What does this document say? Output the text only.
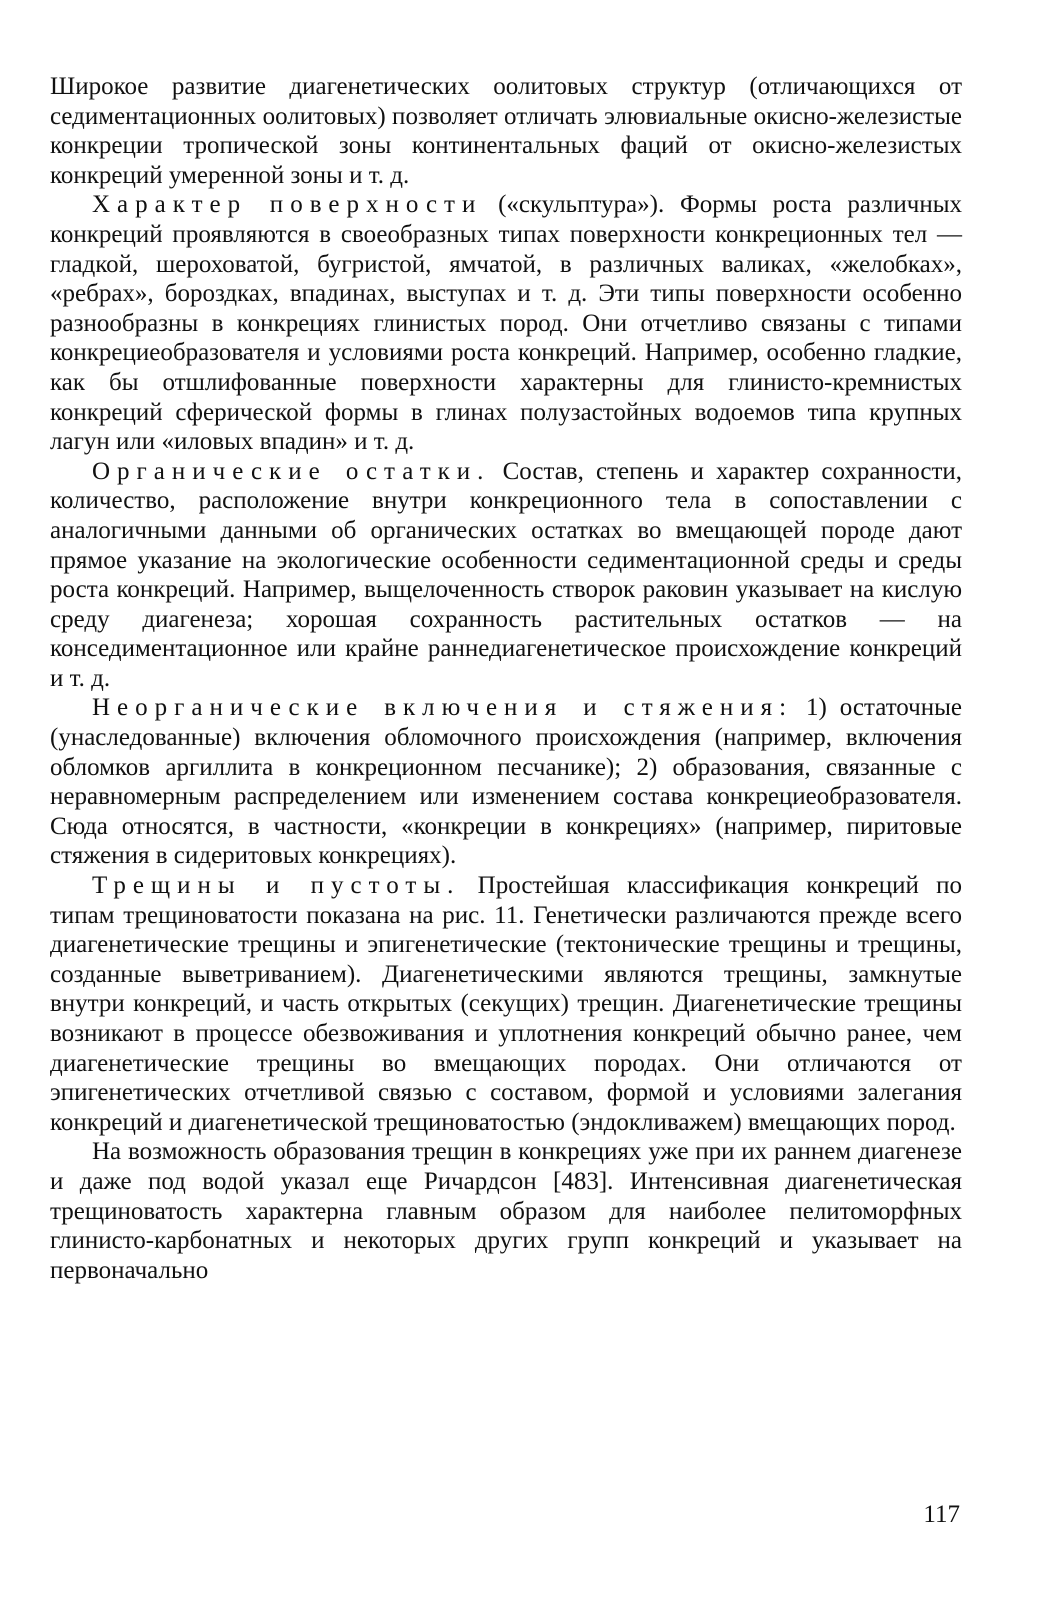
Широкое развитие диагенетических оолитовых структур (отличающихся от седиментационных оолитовых) позволяет отличать элювиальные окисно-железистые конкреции тропической зоны континентальных фаций от окисно-железистых конкреций умеренной зоны и т. д.

Характер поверхности («скульптура»). Формы роста различных конкреций проявляются в своеобразных типах поверхности конкреционных тел — гладкой, шероховатой, бугристой, ямчатой, в различных валиках, «желобках», «ребрах», бороздках, впадинах, выступах и т. д. Эти типы поверхности особенно разнообразны в конкрециях глинистых пород. Они отчетливо связаны с типами конкрециеобразователя и условиями роста конкреций. Например, особенно гладкие, как бы отшлифованные поверхности характерны для глинисто-кремнистых конкреций сферической формы в глинах полузастойных водоемов типа крупных лагун или «иловых впадин» и т. д.

Органические остатки. Состав, степень и характер сохранности, количество, расположение внутри конкреционного тела в сопоставлении с аналогичными данными об органических остатках во вмещающей породе дают прямое указание на экологические особенности седиментационной среды и среды роста конкреций. Например, выщелоченность створок раковин указывает на кислую среду диагенеза; хорошая сохранность растительных остатков — на конседиментационное или крайне раннедиагенетическое происхождение конкреций и т. д.

Неорганические включения и стяжения: 1) остаточные (унаследованные) включения обломочного происхождения (например, включения обломков аргиллита в конкреционном песчанике); 2) образования, связанные с неравномерным распределением или изменением состава конкрециеобразователя. Сюда относятся, в частности, «конкреции в конкрециях» (например, пиритовые стяжения в сидеритовых конкрециях).

Трещины и пустоты. Простейшая классификация конкреций по типам трещиноватости показана на рис. 11. Генетически различаются прежде всего диагенетические трещины и эпигенетические (тектонические трещины и трещины, созданные выветриванием). Диагенетическими являются трещины, замкнутые внутри конкреций, и часть открытых (секущих) трещин. Диагенетические трещины возникают в процессе обезвоживания и уплотнения конкреций обычно ранее, чем диагенетические трещины во вмещающих породах. Они отличаются от эпигенетических отчетливой связью с составом, формой и условиями залегания конкреций и диагенетической трещиноватостью (эндокливажем) вмещающих пород.

На возможность образования трещин в конкрециях уже при их раннем диагенезе и даже под водой указал еще Ричардсон [483]. Интенсивная диагенетическая трещиноватость характерна главным образом для наиболее пелитоморфных глинисто-карбонатных и некоторых других групп конкреций и указывает на первоначально

117
